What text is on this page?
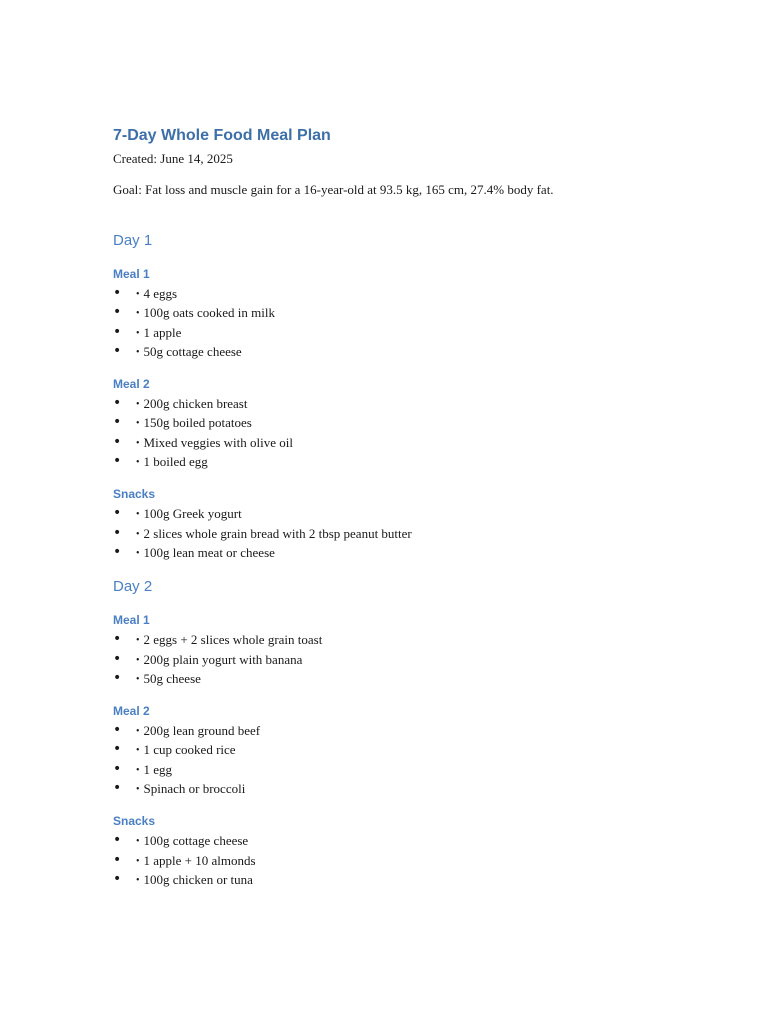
7-Day Whole Food Meal Plan

Created: June 14, 2025

Goal: Fat loss and muscle gain for a 16-year-old at 93.5 kg, 165 cm, 27.4% body fat.

Day 1
Meal 1
• • 4 eggs
• • 100g oats cooked in milk
• • 1 apple
• • 50g cottage cheese
Meal 2
• • 200g chicken breast
• • 150g boiled potatoes
• • Mixed veggies with olive oil
• • 1 boiled egg
Snacks
• • 100g Greek yogurt
• • 2 slices whole grain bread with 2 tbsp peanut butter
• • 100g lean meat or cheese
Day 2
Meal 1
• • 2 eggs + 2 slices whole grain toast
• • 200g plain yogurt with banana
• • 50g cheese
Meal 2
• • 200g lean ground beef
• • 1 cup cooked rice
• • 1 egg
• • Spinach or broccoli
Snacks
• • 100g cottage cheese
• • 1 apple + 10 almonds
• • 100g chicken or tuna
